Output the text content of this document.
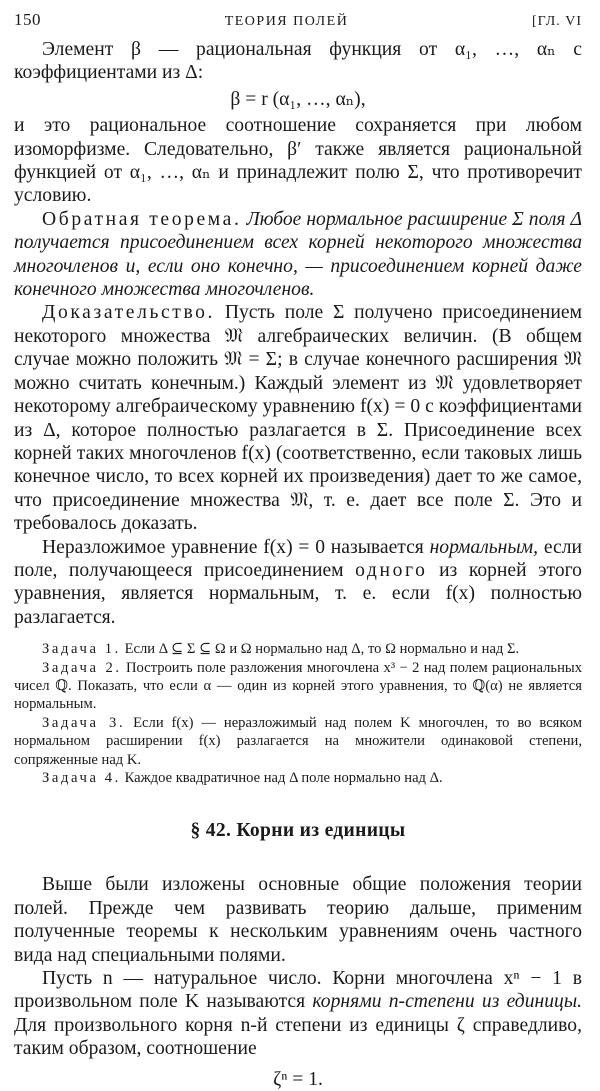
150	ТЕОРИЯ ПОЛЕЙ	[ГЛ. VI

Элемент β — рациональная функция от α₁, …, αₙ с коэффициентами из Δ:

β = r (α₁, …, αₙ),

и это рациональное соотношение сохраняется при любом изоморфизме. Следовательно, β′ также является рациональной функцией от α₁, …, αₙ и принадлежит полю Σ, что противоречит условию.

Обратная теорема. Любое нормальное расширение Σ поля Δ получается присоединением всех корней некоторого множества многочленов и, если оно конечно, — присоединением корней даже конечного множества многочленов.

Доказательство. Пусть поле Σ получено присоединением некоторого множества 𝔐 алгебраических величин. (В общем случае можно положить 𝔐 = Σ; в случае конечного расширения 𝔐 можно считать конечным.) Каждый элемент из 𝔐 удовлетворяет некоторому алгебраическому уравнению f(x) = 0 с коэффициентами из Δ, которое полностью разлагается в Σ. Присоединение всех корней таких многочленов f(x) (соответственно, если таковых лишь конечное число, то всех корней их произведения) дает то же самое, что присоединение множества 𝔐, т. е. дает все поле Σ. Это и требовалось доказать.

Неразложимое уравнение f(x) = 0 называется нормальным, если поле, получающееся присоединением одного из корней этого уравнения, является нормальным, т. е. если f(x) полностью разлагается.

Задача 1. Если Δ ⊆ Σ ⊆ Ω и Ω нормально над Δ, то Ω нормально и над Σ.

Задача 2. Построить поле разложения многочлена x³ − 2 над полем рациональных чисел ℚ. Показать, что если α — один из корней этого уравнения, то ℚ(α) не является нормальным.

Задача 3. Если f(x) — неразложимый над полем K многочлен, то во всяком нормальном расширении f(x) разлагается на множители одинаковой степени, сопряженные над K.

Задача 4. Каждое квадратичное над Δ поле нормально над Δ.

§ 42. Корни из единицы

Выше были изложены основные общие положения теории полей. Прежде чем развивать теорию дальше, применим полученные теоремы к нескольким уравнениям очень частного вида над специальными полями.

Пусть n — натуральное число. Корни многочлена xⁿ − 1 в произвольном поле K называются корнями n-степени из единицы. Для произвольного корня n-й степени из единицы ζ справедливо, таким образом, соотношение

ζⁿ = 1.
